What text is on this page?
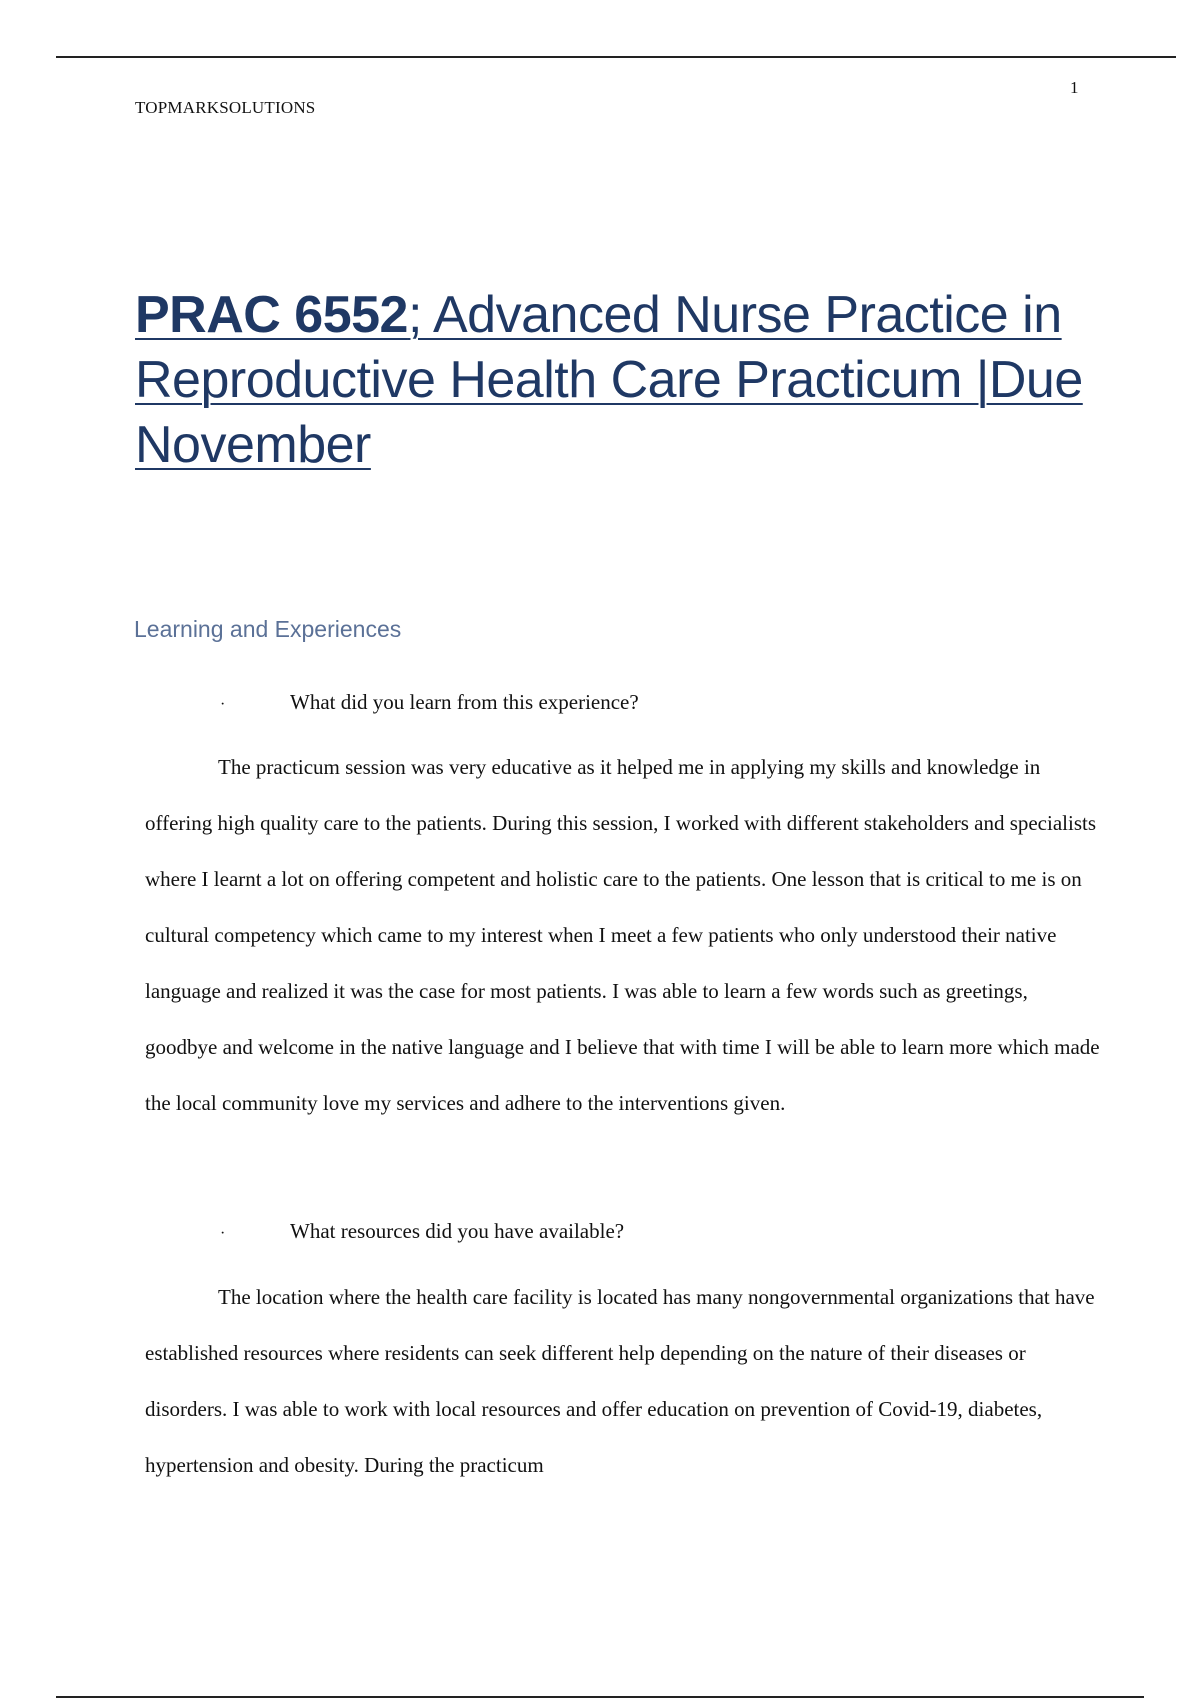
1
TOPMARKSOLUTIONS
PRAC 6552; Advanced Nurse Practice in Reproductive Health Care Practicum |Due November
Learning and Experiences
·	What did you learn from this experience?

The practicum session was very educative as it helped me in applying my skills and knowledge in offering high quality care to the patients. During this session, I worked with different stakeholders and specialists where I learnt a lot on offering competent and holistic care to the patients. One lesson that is critical to me is on cultural competency which came to my interest when I meet a few patients who only understood their native language and realized it was the case for most patients. I was able to learn a few words such as greetings, goodbye and welcome in the native language and I believe that with time I will be able to learn more which made the local community love my services and adhere to the interventions given.

·	What resources did you have available?

The location where the health care facility is located has many nongovernmental organizations that have established resources where residents can seek different help depending on the nature of their diseases or disorders. I was able to work with local resources and offer education on prevention of Covid-19, diabetes, hypertension and obesity. During the practicum
